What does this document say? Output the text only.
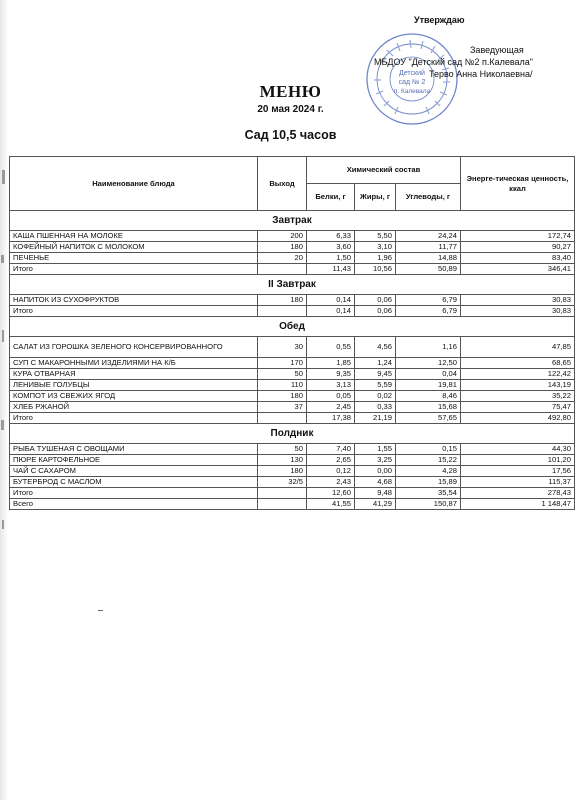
Утверждаю
Детский
сад № 2
п. Калевала
Заведующая
МБДОУ "Детский сад №2 п.Калевала"
Терво Анна Николаевна/
МЕНЮ
20 мая 2024 г.
Сад 10,5 часов
Наименование блюда	Выход	Химический состав			Энерге-тическая ценность, ккал
		Белки, г	Жиры, г	Углеводы, г	
Завтрак					
КАША ПШЕННАЯ НА МОЛОКЕ	200	6,33	5,50	24,24	172,74
КОФЕЙНЫЙ НАПИТОК С МОЛОКОМ	180	3,60	3,10	11,77	90,27
ПЕЧЕНЬЕ	20	1,50	1,96	14,88	83,40
Итого		11,43	10,56	50,89	346,41
II Завтрак					
НАПИТОК ИЗ СУХОФРУКТОВ	180	0,14	0,06	6,79	30,83
Итого		0,14	0,06	6,79	30,83
Обед					
САЛАТ ИЗ ГОРОШКА ЗЕЛЕНОГО КОНСЕРВИРОВАННОГО	30	0,55	4,56	1,16	47,85
СУП С МАКАРОННЫМИ ИЗДЕЛИЯМИ НА К/Б	170	1,85	1,24	12,50	68,65
КУРА ОТВАРНАЯ	50	9,35	9,45	0,04	122,42
ЛЕНИВЫЕ ГОЛУБЦЫ	110	3,13	5,59	19,81	143,19
КОМПОТ ИЗ СВЕЖИХ ЯГОД	180	0,05	0,02	8,46	35,22
ХЛЕБ РЖАНОЙ	37	2,45	0,33	15,68	75,47
Итого		17,38	21,19	57,65	492,80
Полдник					
РЫБА ТУШЕНАЯ С ОВОЩАМИ	50	7,40	1,55	0,15	44,30
ПЮРЕ КАРТОФЕЛЬНОЕ	130	2,65	3,25	15,22	101,20
ЧАЙ С САХАРОМ	180	0,12	0,00	4,28	17,56
БУТЕРБРОД С МАСЛОМ	32/5	2,43	4,68	15,89	115,37
Итого		12,60	9,48	35,54	278,43
Всего		41,55	41,29	150,87	1 148,47
